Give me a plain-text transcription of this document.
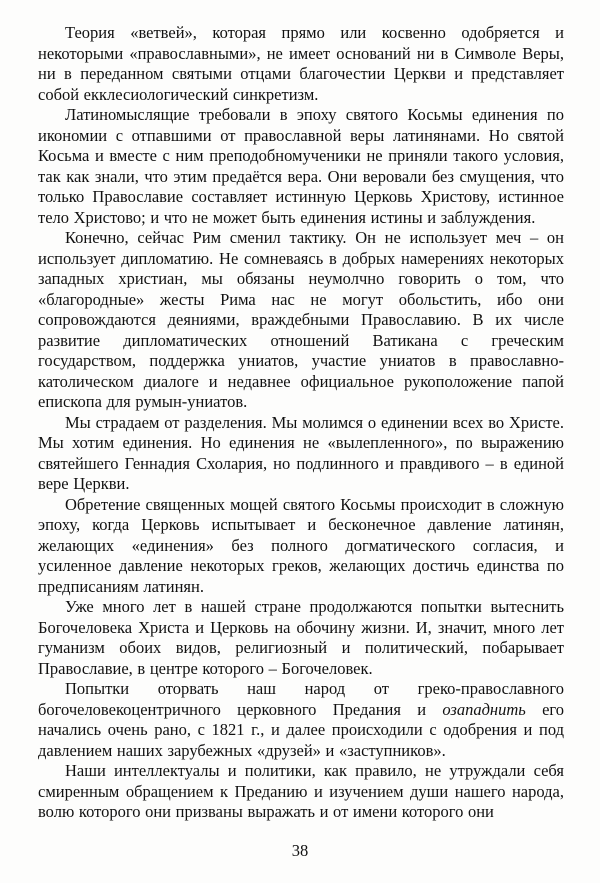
Теория «ветвей», которая прямо или косвенно одобряется и некоторыми «православными», не имеет оснований ни в Символе Веры, ни в переданном святыми отцами благочестии Церкви и представляет собой екклесиологический синкретизм.

Латиномыслящие требовали в эпоху святого Косьмы единения по икономии с отпавшими от православной веры латинянами. Но святой Косьма и вместе с ним преподобномученики не приняли такого условия, так как знали, что этим предаётся вера. Они веровали без смущения, что только Православие составляет истинную Церковь Христову, истинное тело Христово; и что не может быть единения истины и заблуждения.

Конечно, сейчас Рим сменил тактику. Он не использует меч – он использует дипломатию. Не сомневаясь в добрых намерениях некоторых западных христиан, мы обязаны неумолчно говорить о том, что «благородные» жесты Рима нас не могут обольстить, ибо они сопровождаются деяниями, враждебными Православию. В их числе развитие дипломатических отношений Ватикана с греческим государством, поддержка униатов, участие униатов в православно-католическом диалоге и недавнее официальное рукоположение папой епископа для румын-униатов.

Мы страдаем от разделения. Мы молимся о единении всех во Христе. Мы хотим единения. Но единения не «вылепленного», по выражению святейшего Геннадия Схолария, но подлинного и правдивого – в единой вере Церкви.

Обретение священных мощей святого Косьмы происходит в сложную эпоху, когда Церковь испытывает и бесконечное давление латинян, желающих «единения» без полного догматического согласия, и усиленное давление некоторых греков, желающих достичь единства по предписаниям латинян.

Уже много лет в нашей стране продолжаются попытки вытеснить Богочеловека Христа и Церковь на обочину жизни. И, значит, много лет гуманизм обоих видов, религиозный и политический, побарывает Православие, в центре которого – Богочеловек.

Попытки оторвать наш народ от греко-православного богочеловекоцентричного церковного Предания и озападнить его начались очень рано, с 1821 г., и далее происходили с одобрения и под давлением наших зарубежных «друзей» и «заступников».

Наши интеллектуалы и политики, как правило, не утруждали себя смиренным обращением к Преданию и изучением души нашего народа, волю которого они призваны выражать и от имени которого они

38
